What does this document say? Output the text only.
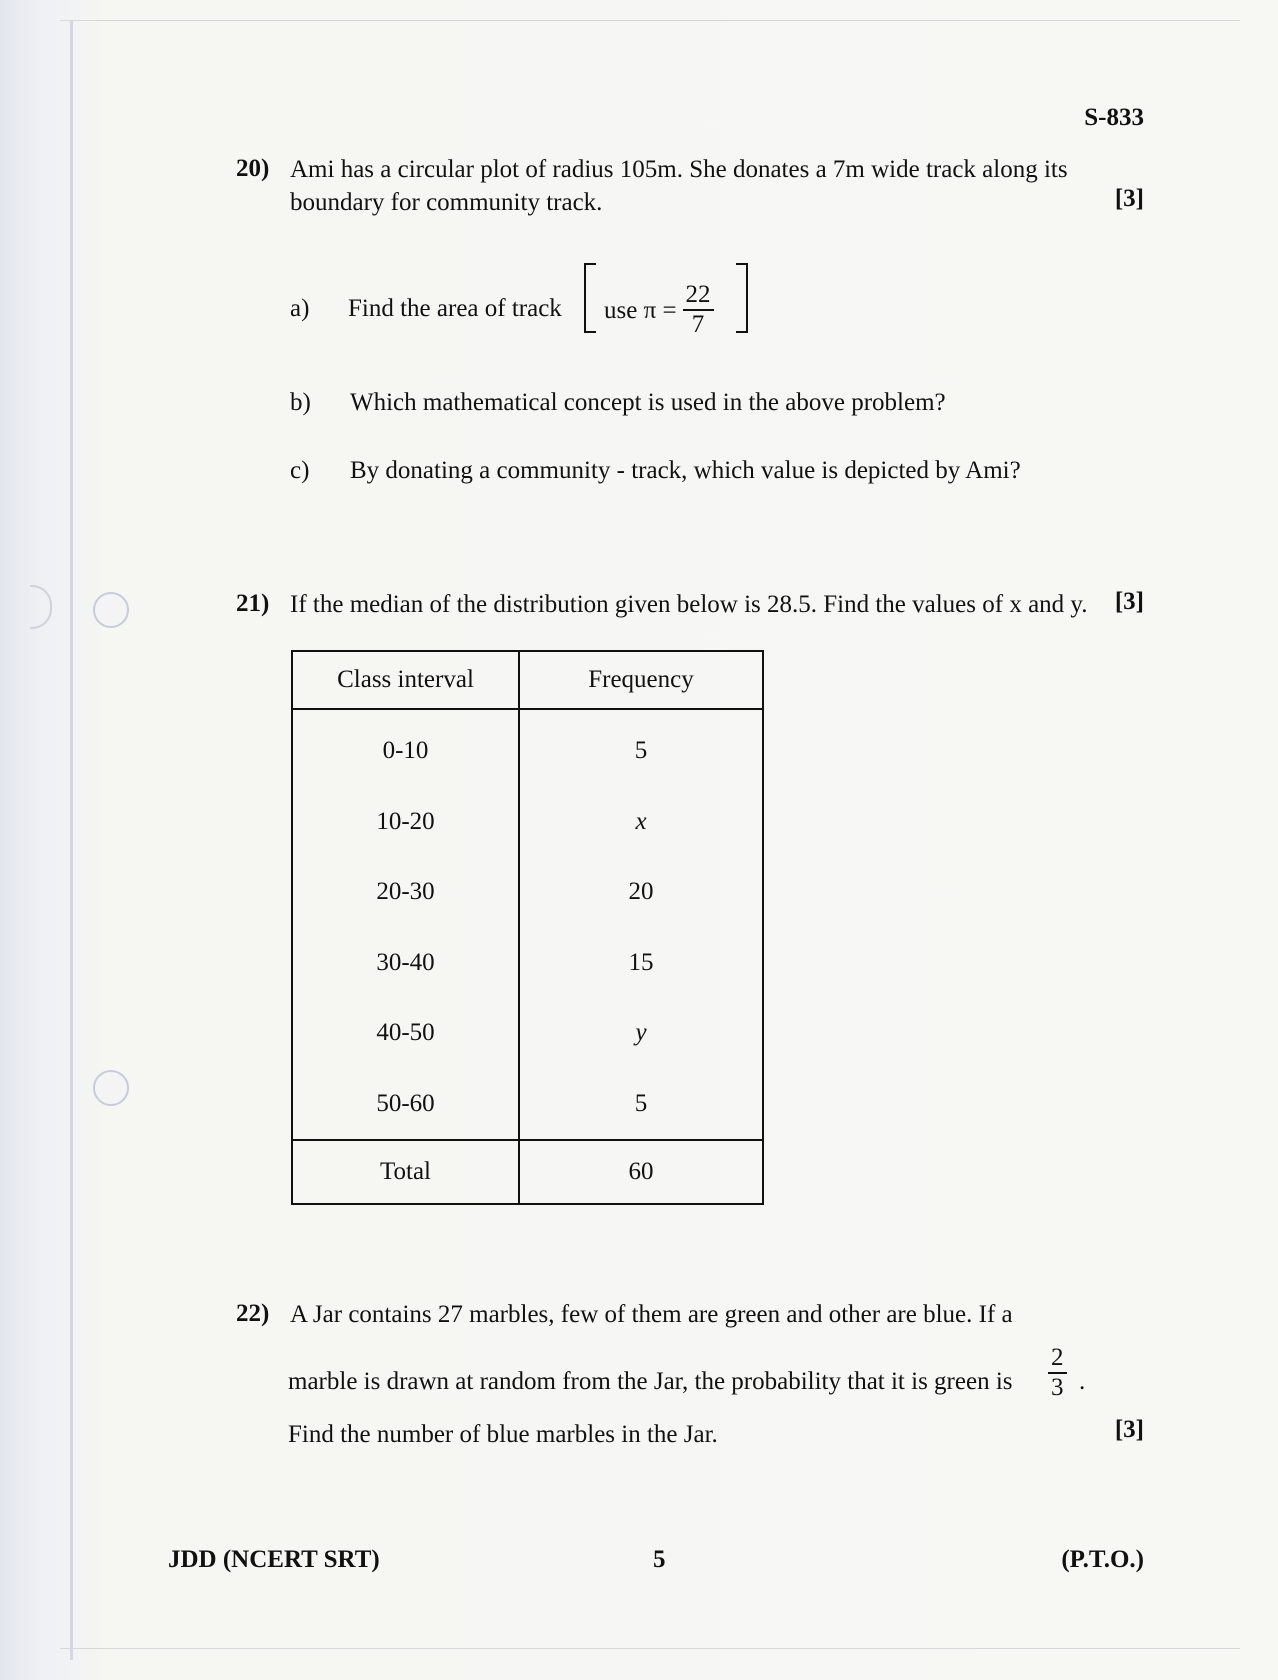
S-833
20) Ami has a circular plot of radius 105m. She donates a 7m wide track along its boundary for community track.	[3]
a) Find the area of track use $\pi = \frac{22}{7}$
b) Which mathematical concept is used in the above problem?
c) By donating a community - track, which value is depicted by Ami?
21) If the median of the distribution given below is 28.5. Find the values of x and y. [3]
Class interval	Frequency
0-10	5
10-20	x
20-30	20
30-40	15
40-50	y
50-60	5
Total	60
22) A Jar contains 27 marbles, few of them are green and other are blue. If a
marble is drawn at random from the Jar, the probability that it is green is $\frac{2}{3}$ .
Find the number of blue marbles in the Jar.	[3]
JDD (NCERT SRT)	5	(P.T.O.)
